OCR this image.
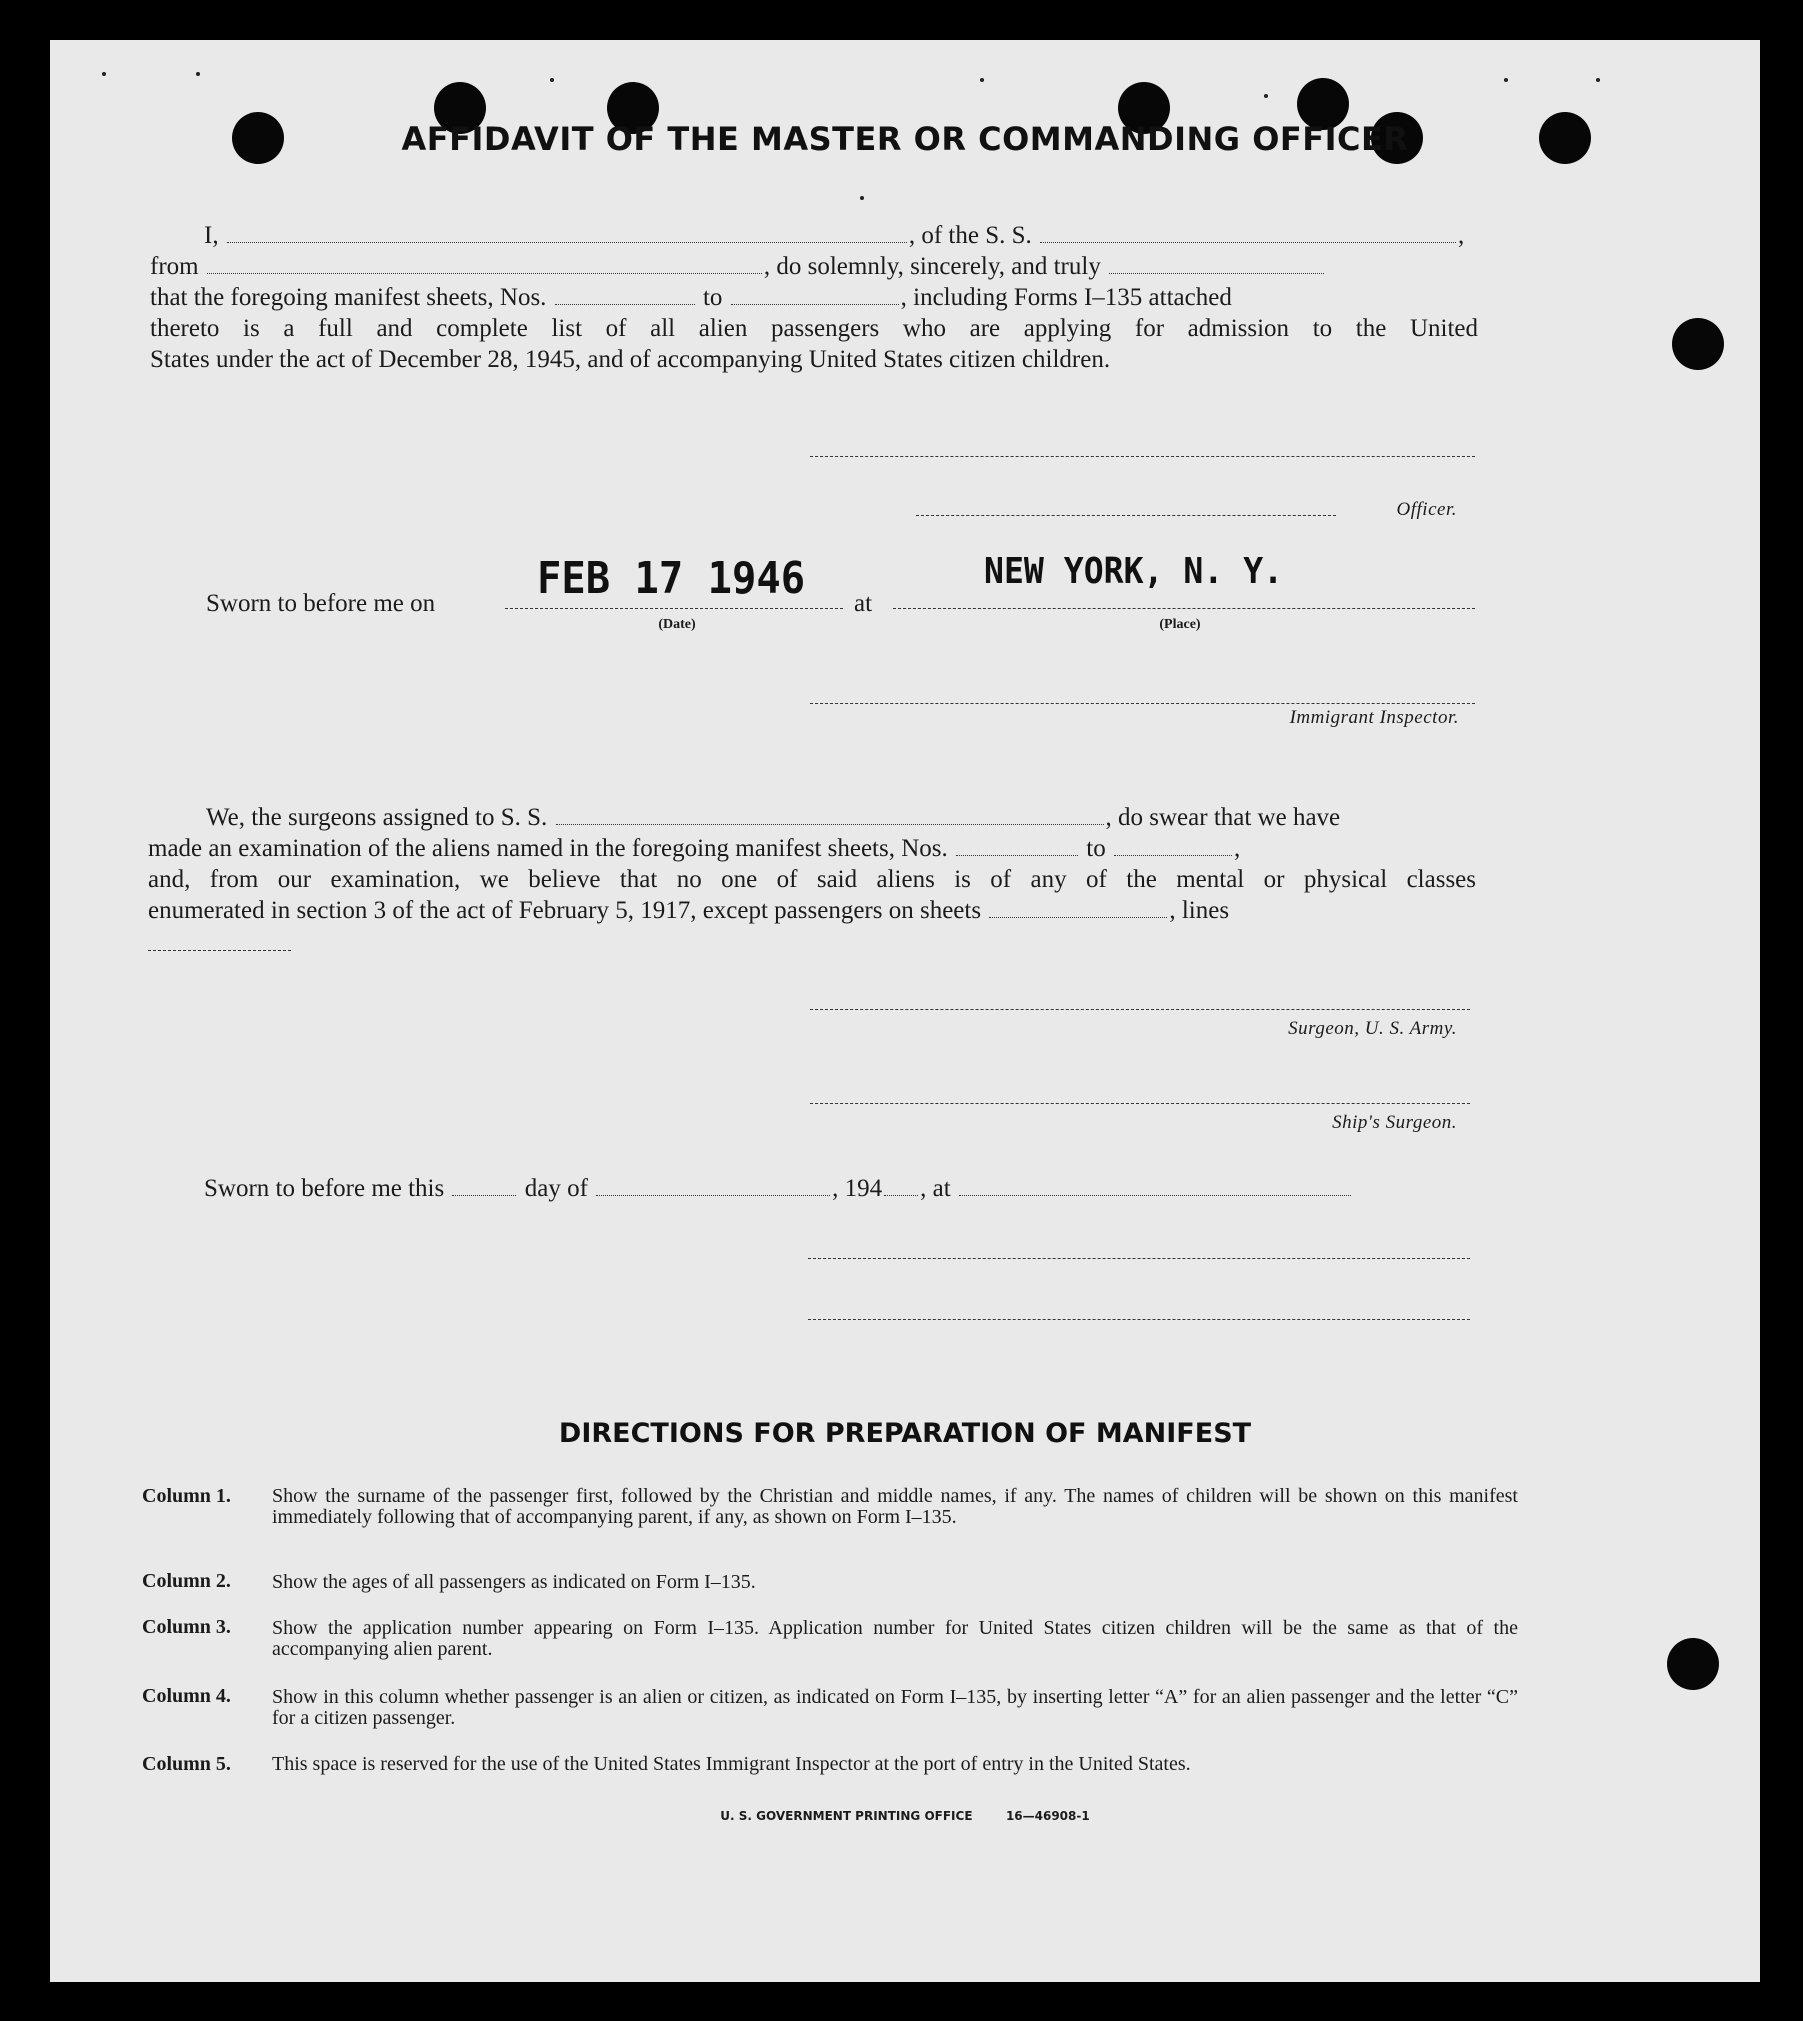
AFFIDAVIT OF THE MASTER OR COMMANDING OFFICER
I,	, of the S. S.	,
from	, do solemnly, sincerely, and truly
that the foregoing manifest sheets, Nos.	to	, including Forms I–135 attached
thereto is a full and complete list of all alien passengers who are applying for admission to the United
States under the act of December 28, 1945, and of accompanying United States citizen children.
Officer.
Sworn to before me on FEB 17 1946
(Date)
at
NEW YORK, N. Y.
(Place)
Immigrant Inspector.
We, the surgeons assigned to S. S.	, do swear that we have
made an examination of the aliens named in the foregoing manifest sheets, Nos.	to	,
and, from our examination, we believe that no one of said aliens is of any of the mental or physical classes
enumerated in section 3 of the act of February 5, 1917, except passengers on sheets	, lines
Surgeon, U. S. Army.
Ship's Surgeon.
Sworn to before me this	day of	, 194 , at
DIRECTIONS FOR PREPARATION OF MANIFEST
Column 1. Show the surname of the passenger first, followed by the Christian and middle names, if any. The names of children will be shown on this manifest immediately following that of accompanying parent, if any, as shown on Form I–135.
Column 2. Show the ages of all passengers as indicated on Form I–135.
Column 3. Show the application number appearing on Form I–135. Application number for United States citizen children will be the same as that of the accompanying alien parent.
Column 4. Show in this column whether passenger is an alien or citizen, as indicated on Form I–135, by inserting letter “A” for an alien passenger and the letter “C” for a citizen passenger.
Column 5. This space is reserved for the use of the United States Immigrant Inspector at the port of entry in the United States.
U. S. GOVERNMENT PRINTING OFFICE	16—46908-1
